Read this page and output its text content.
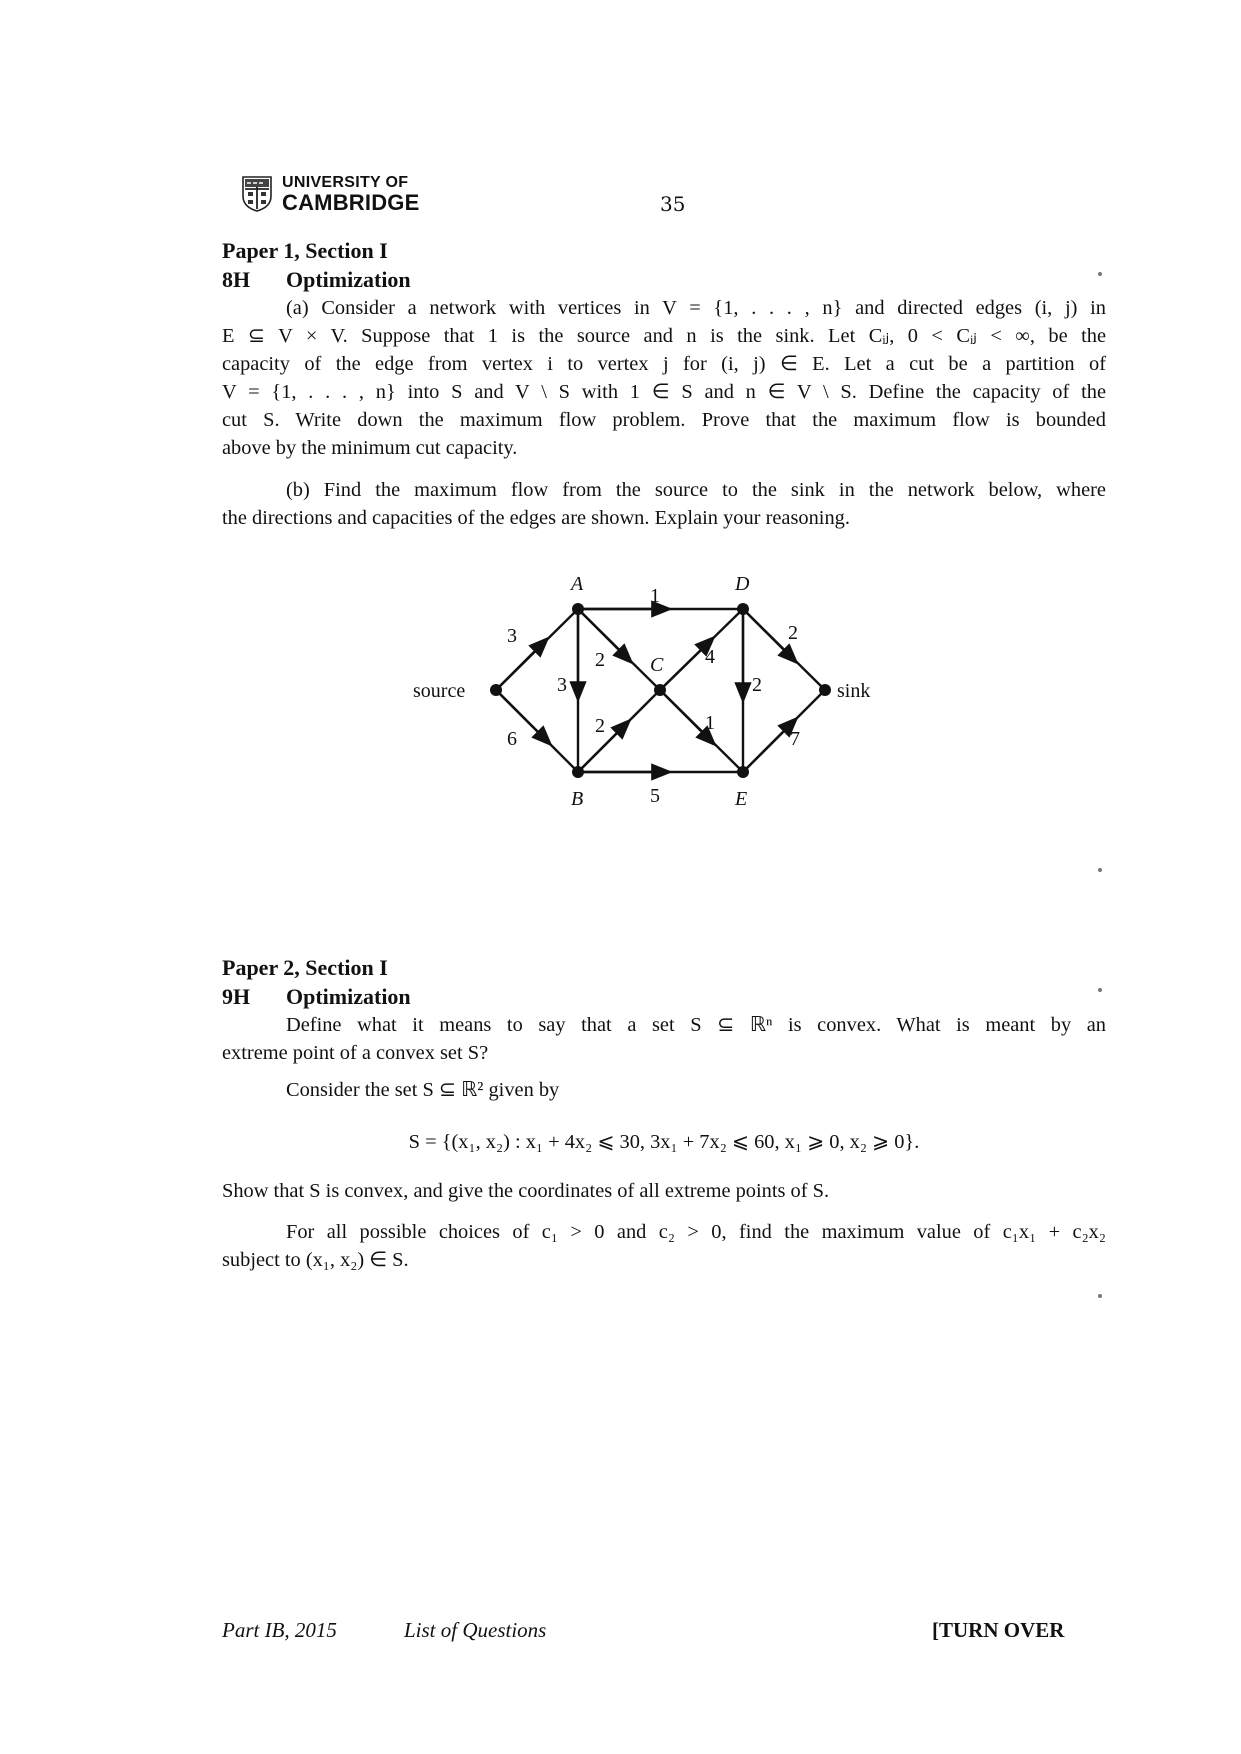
UNIVERSITY OF
CAMBRIDGE	35
Paper 1, Section I
8H Optimization

(a) Consider a network with vertices in V = {1, . . . , n} and directed edges (i, j) in

E ⊆ V × V. Suppose that 1 is the source and n is the sink. Let Cᵢⱼ, 0 < Cᵢⱼ < ∞, be the

capacity of the edge from vertex i to vertex j for (i, j) ∈ E. Let a cut be a partition of

V = {1, . . . , n} into S and V \ S with 1 ∈ S and n ∈ V \ S. Define the capacity of the

cut S. Write down the maximum flow problem. Prove that the maximum flow is bounded

above by the minimum cut capacity.

(b) Find the maximum flow from the source to the sink in the network below, where

the directions and capacities of the edges are shown. Explain your reasoning.

source	sink
A
B
C
D
E
3
6
1
3
2
2
5
4
1
2
2
7
Paper 2, Section I
9H Optimization

Define what it means to say that a set S ⊆ ℝⁿ is convex. What is meant by an

extreme point of a convex set S?

Consider the set S ⊆ ℝ² given by

S = {(x₁, x₂) : x₁ + 4x₂ ⩽ 30, 3x₁ + 7x₂ ⩽ 60, x₁ ⩾ 0, x₂ ⩾ 0}.

Show that S is convex, and give the coordinates of all extreme points of S.

For all possible choices of c₁ > 0 and c₂ > 0, find the maximum value of c₁x₁ + c₂x₂

subject to (x₁, x₂) ∈ S.

Part IB, 2015	List of Questions	[TURN OVER
